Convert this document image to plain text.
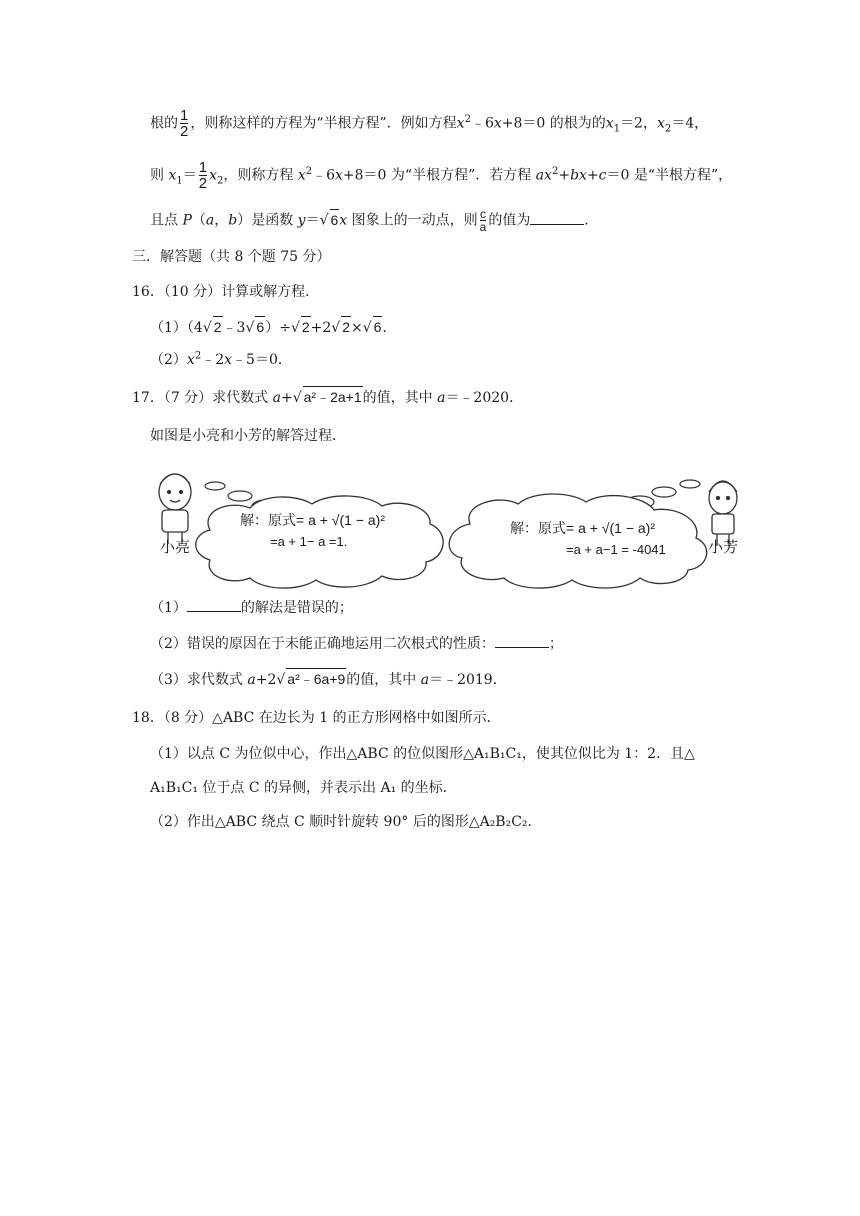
根的 $\frac{1}{2}$ ，则称这样的方程为“半根方程”．例如方程$x^2﹣6x+8=0$ 的根为的$x_1=2$，$x_2=4$，
则 $x_1= \frac{1}{2} x_2$，则称方程 $x^2﹣6x+8=0$ 为“半根方程”．若方程 $ax^2+bx+c=0$ 是“半根方程”，
且点 P（a，b）是函数 y＝√ 6x 图象上的一动点，则 $\frac{c}{a}$ 的值为	．
三．解答题（共 8 个题 75 分）
16．（10 分）计算或解方程．
（1）（4√ 2﹣3√ 6）÷√ 2+2√ 2×√ 6.
$(2)x^2﹣2x﹣5=0$．
17．（7 分）求代数式 a+√ a²﹣2a+1的值，其中 a＝﹣2020．
如图是小亮和小芳的解答过程．
小亮	小芳
解：原式= a + √(1 − a)²
=a + 1− a =1.
解：原式= a + √(1 − a)²
=a + a−1 = -4041
（1）	的解法是错误的；
（2）错误的原因在于未能正确地运用二次根式的性质：	；
（3）求代数式 a+2√ a²﹣6a+9的值，其中 a＝﹣2019．
18．（8 分）△ABC 在边长为 1 的正方形网格中如图所示．
（1）以点 C 为位似中心，作出△ABC 的位似图形△A₁B₁C₁，使其位似比为 1：2．且△
A₁B₁C₁ 位于点 C 的异侧，并表示出 A₁ 的坐标．
（2）作出△ABC 绕点 C 顺时针旋转 90° 后的图形△A₂B₂C₂．
